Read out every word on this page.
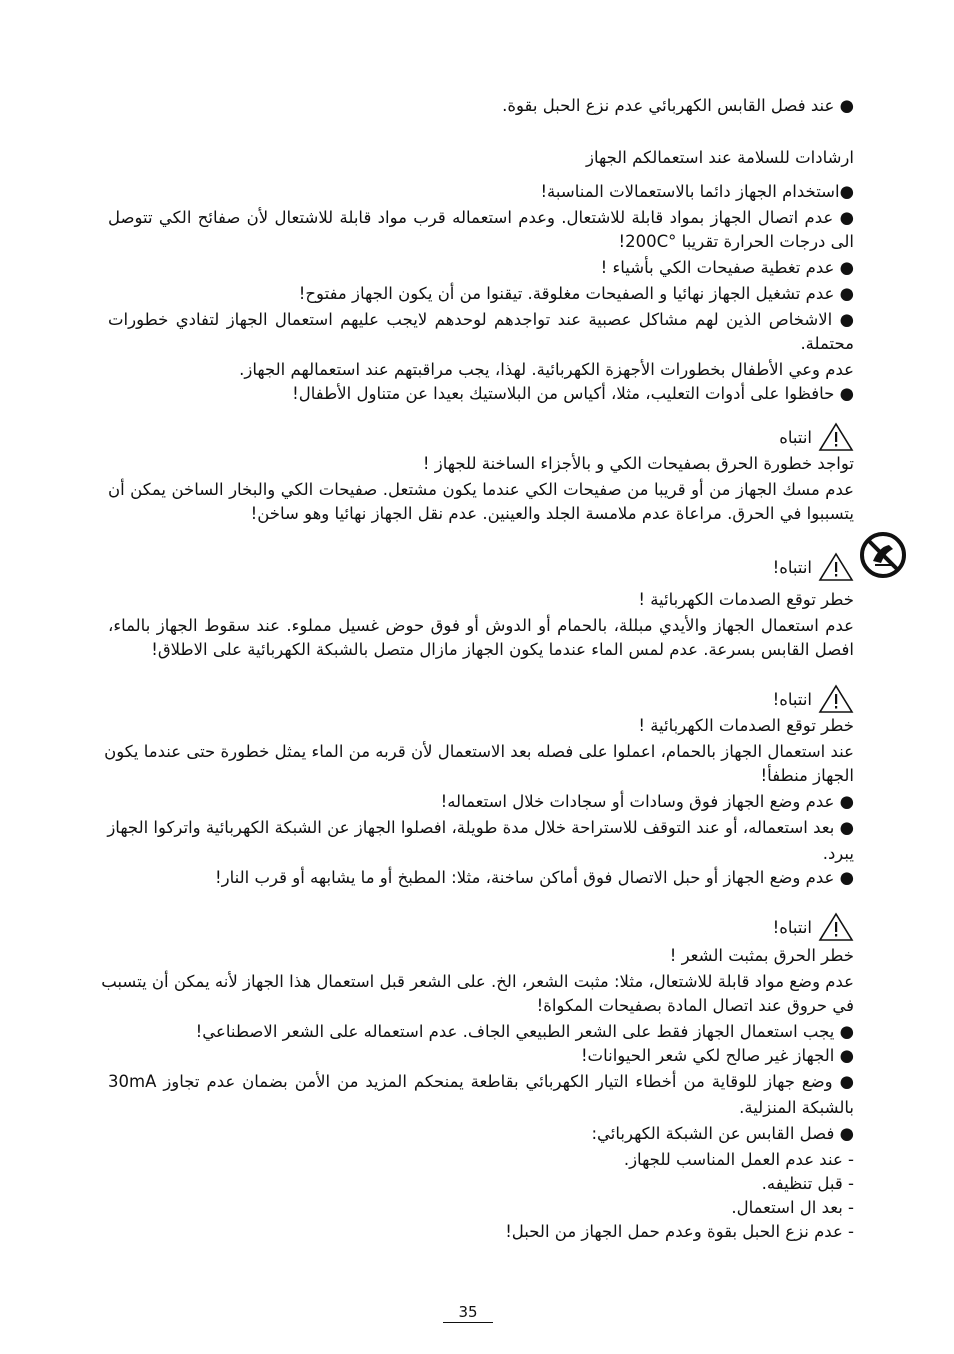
● عند فصل القابس الكهربائي عدم نزع الحبل بقوة.
ارشادات للسلامة عند استعمالكم الجهاز
●استخدام الجهاز دائما بالاستعمالات المناسبة!
● عدم اتصال الجهاز بمواد قابلة للاشتعال. وعدم استعماله قرب مواد قابلة للاشتعال لأن صفائح الكي تتوصل
الى درجات الحرارة تقريبا °200C!
● عدم تغطية صفيحات الكي بأشياء !
● عدم تشغيل الجهاز نهائيا و الصفيحات مغلوقة. تيقنوا من أن يكون الجهاز مفتوح!
● الاشخاص الذين لهم مشاكل عصبية عند تواجدهم لوحدهم لايجب عليهم استعمال الجهاز لتفادي خطورات
محتملة.
عدم وعي الأطفال بخطورات الأجهزة الكهربائية. لهذا، يجب مراقبتهم عند استعمالهم الجهاز.
● حافظوا على أدوات التعليب، مثلا، أكياس من البلاستيك بعيدا عن متناول الأطفال!
انتباه
تواجد خطورة الحرق بصفيحات الكي و بالأجزاء الساخنة للجهاز !
عدم مسك الجهاز من أو قريبا من صفيحات الكي عندما يكون مشتعل. صفيحات الكي والبخار الساخن يمكن أن
يتسببوا في الحرق. مراعاة عدم ملامسة الجلد والعينين. عدم نقل الجهاز نهائيا وهو ساخن!
انتباه!
خطر توقع الصدمات الكهربائية !
عدم استعمال الجهاز والأيدي مبللة، بالحمام أو الدوش أو فوق حوض غسيل مملوء. عند سقوط الجهاز بالماء،
افصل القابس بسرعة. عدم لمس الماء عندما يكون الجهاز مازال متصل بالشبكة الكهربائية على الاطلاق!
انتباه!
خطر توقع الصدمات الكهربائية !
عند استعمال الجهاز بالحمام، اعملوا على فصله بعد الاستعمال لأن قربه من الماء يمثل خطورة حتى عندما يكون
الجهاز منطفأ!
● عدم وضع الجهاز فوق وسادات أو سجادات خلال استعماله!
● بعد استعماله، أو عند التوقف للاستراحة خلال مدة طويلة، افصلوا الجهاز عن الشبكة الكهربائية واتركوا الجهاز
يبرد.
● عدم وضع الجهاز أو حبل الاتصال فوق أماكن ساخنة، مثلا: المطبخ أو ما يشابهه أو قرب النار!
انتباه!
خطر الحرق بمثبت الشعر !
عدم وضع مواد قابلة للاشتعال، مثلا: مثبت الشعر، الخ. على الشعر قبل استعمال هذا الجهاز لأنه يمكن أن يتسبب
في حروق عند اتصال المادة بصفيحات المكواة!
● يجب استعمال الجهاز فقط على الشعر الطبيعي الجاف. عدم استعماله على الشعر الاصطناعي!
● الجهاز غير صالح لكي شعر الحيوانات!
● وضع جهاز للوقاية من أخطاء التيار الكهربائي بقاطعة يمنحكم المزيد من الأمن بضمان عدم تجاوز 30mA
بالشبكة المنزلية.
● فصل القابس عن الشبكة الكهربائي:
- عند عدم العمل المناسب للجهاز.
- قبل تنظيفه.
- بعد ال استعمال.
- عدم نزع الحبل بقوة وعدم حمل الجهاز من الحبل!
35
